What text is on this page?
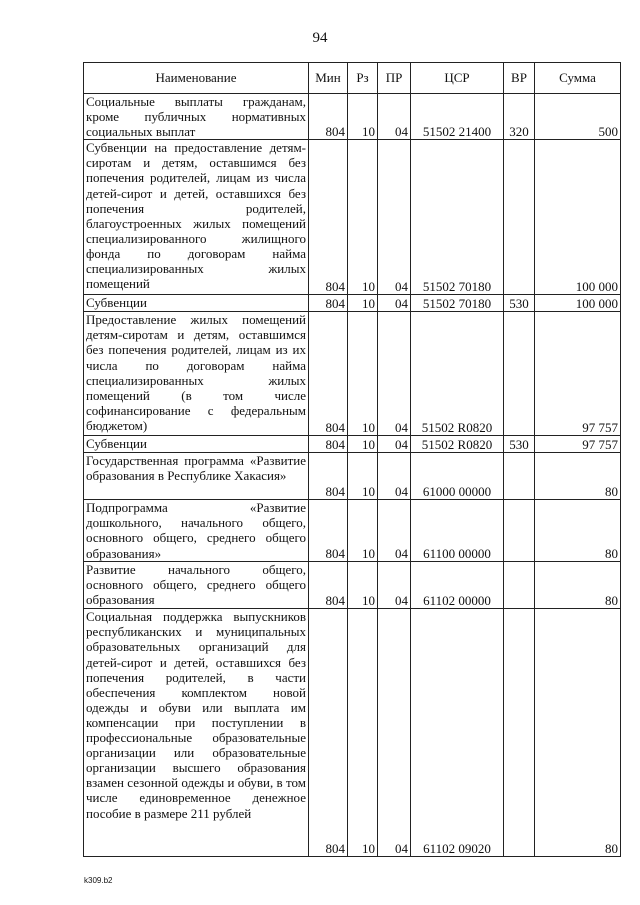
94
Наименование	Мин	Рз	ПР	ЦСР	ВР	Сумма
Социальные выплаты гражданам, кроме публичных нормативных социальных выплат	804	10	04	51502 21400	320	500
Субвенции на предоставление детям-сиротам и детям, оставшимся без попечения родителей, лицам из числа детей-сирот и детей, оставшихся без попечения родителей, благоустроенных жилых помещений специализированного жилищного фонда по договорам найма специализированных жилых помещений	804	10	04	51502 70180		100 000
Субвенции	804	10	04	51502 70180	530	100 000
Предоставление жилых помещений детям-сиротам и детям, оставшимся без попечения родителей, лицам из их числа по договорам найма специализированных жилых помещений (в том числе софинансирование с федеральным бюджетом)	804	10	04	51502 R0820		97 757
Субвенции	804	10	04	51502 R0820	530	97 757
Государственная программа «Развитие образования в Республике Хакасия»	804	10	04	61000 00000		80
Подпрограмма «Развитие дошкольного, начального общего, основного общего, среднего общего образования»	804	10	04	61100 00000		80
Развитие начального общего, основного общего, среднего общего образования	804	10	04	61102 00000		80
Социальная поддержка выпускников республиканских и муниципальных образовательных организаций для детей-сирот и детей, оставшихся без попечения родителей, в части обеспечения комплектом новой одежды и обуви или выплата им компенсации при поступлении в профессиональные образовательные организации или образовательные организации высшего образования взамен сезонной одежды и обуви, в том числе единовременное денежное пособие в размере 211 рублей	804	10	04	61102 09020		80
k309.b2
